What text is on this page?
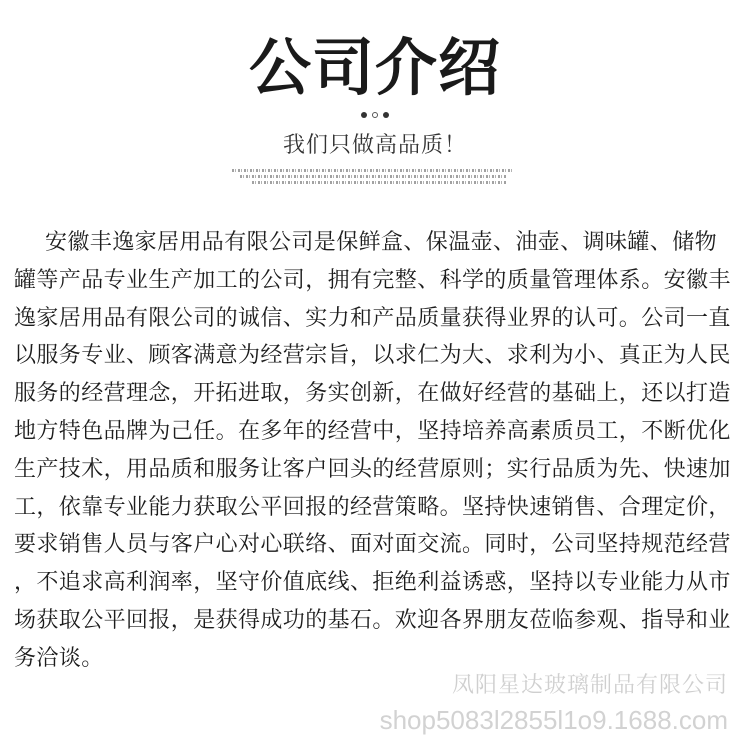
公司介绍
我们只做高品质！
安徽丰逸家居用品有限公司是保鲜盒、保温壶、油壶、调味罐、储物
罐等产品专业生产加工的公司，拥有完整、科学的质量管理体系。安徽丰
逸家居用品有限公司的诚信、实力和产品质量获得业界的认可。公司一直
以服务专业、顾客满意为经营宗旨，以求仁为大、求利为小、真正为人民
服务的经营理念，开拓进取，务实创新，在做好经营的基础上，还以打造
地方特色品牌为己任。在多年的经营中，坚持培养高素质员工，不断优化
生产技术，用品质和服务让客户回头的经营原则；实行品质为先、快速加
工，依靠专业能力获取公平回报的经营策略。坚持快速销售、合理定价，
要求销售人员与客户心对心联络、面对面交流。同时，公司坚持规范经营
，不追求高利润率，坚守价值底线、拒绝利益诱惑，坚持以专业能力从市
场获取公平回报，是获得成功的基石。欢迎各界朋友莅临参观、指导和业
务洽谈。
凤阳星达玻璃制品有限公司
shop5083l2855l1o9.1688.com
